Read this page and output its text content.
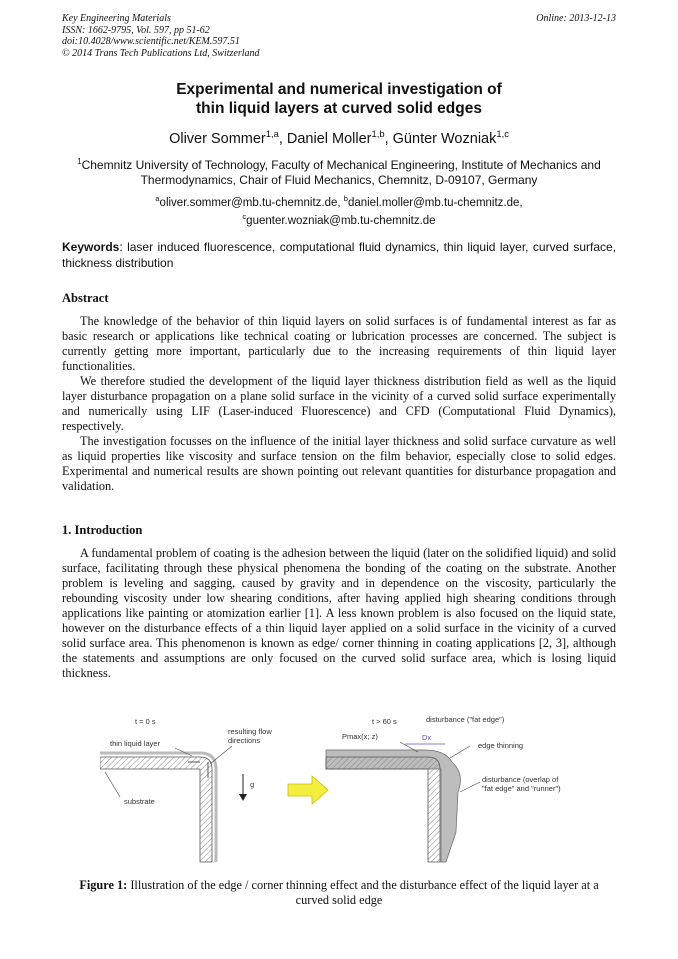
Key Engineering Materials
ISSN: 1662-9795, Vol. 597, pp 51-62
doi:10.4028/www.scientific.net/KEM.597.51
© 2014 Trans Tech Publications Ltd, Switzerland
Online: 2013-12-13
Experimental and numerical investigation of
thin liquid layers at curved solid edges
Oliver Sommer$^{1,a}$, Daniel Moller$^{1,b}$, Günter Wozniak$^{1,c}$
$^1$Chemnitz University of Technology, Faculty of Mechanical Engineering, Institute of Mechanics and Thermodynamics, Chair of Fluid Mechanics, Chemnitz, D-09107, Germany
$^a$oliver.sommer@mb.tu-chemnitz.de, $^b$daniel.moller@mb.tu-chemnitz.de,
$^c$guenter.wozniak@mb.tu-chemnitz.de
Keywords: laser induced fluorescence, computational fluid dynamics, thin liquid layer, curved surface, thickness distribution
Abstract

The knowledge of the behavior of thin liquid layers on solid surfaces is of fundamental interest as far as basic research or applications like technical coating or lubrication processes are concerned. The subject is currently getting more important, particularly due to the increasing requirements of thin liquid layer functionalities.

We therefore studied the development of the liquid layer thickness distribution field as well as the liquid layer disturbance propagation on a plane solid surface in the vicinity of a curved solid surface experimentally and numerically using LIF (Laser-induced Fluorescence) and CFD (Computational Fluid Dynamics), respectively.

The investigation focusses on the influence of the initial layer thickness and solid surface curvature as well as liquid properties like viscosity and surface tension on the film behavior, especially close to solid edges. Experimental and numerical results are shown pointing out relevant quantities for disturbance propagation and validation.

1. Introduction

A fundamental problem of coating is the adhesion between the liquid (later on the solidified liquid) and solid surface, facilitating through these physical phenomena the bonding of the coating on the substrate. Another problem is leveling and sagging, caused by gravity and in dependence on the viscosity, particularly the rebounding viscosity under low shearing conditions, after having applied high shearing conditions through applications like painting or atomization earlier [1]. A less known problem is also focused on the liquid state, however on the disturbance effects of a thin liquid layer applied on a solid surface in the vicinity of a curved solid surface area. This phenomenon is known as edge/ corner thinning in coating applications [2, 3], although the statements and assumptions are only focused on the curved solid surface area, which is losing liquid thickness.

t = 0 s
thin liquid layer
resulting flow
directions
substrate
g
t > 60 s	disturbance ("fat edge")
Pmax(x; z)	Dx
edge thinning
disturbance (overlap of
"fat edge" and "runner")
Figure 1: Illustration of the edge / corner thinning effect and the disturbance effect of the liquid layer at a curved solid edge
